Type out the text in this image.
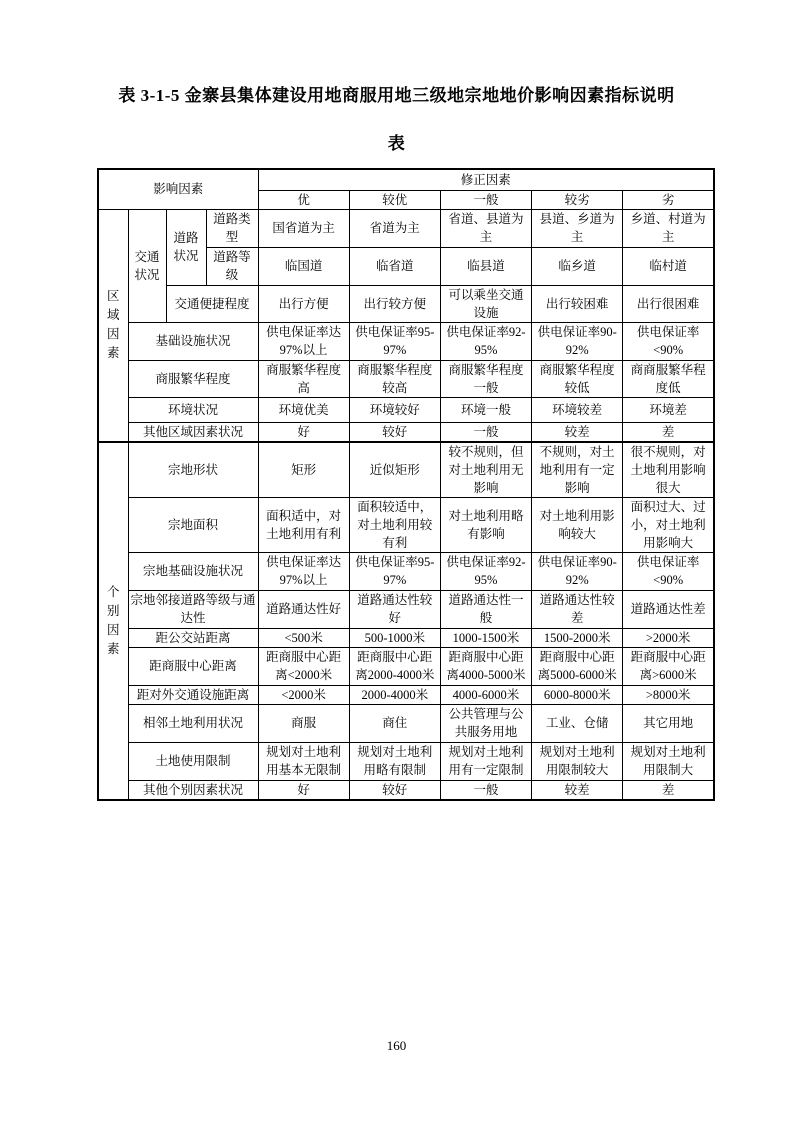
表 3-1-5 金寨县集体建设用地商服用地三级地宗地地价影响因素指标说明
表
影响因素				修正因素				
				优	较优	一般	较劣	劣

区域因素	交通状况	道路状况	道路类型	国省道为主	省道为主	省道、县道为主	县道、乡道为主	乡道、村道为主
			道路等级	临国道	临省道	临县道	临乡道	临村道
		交通便捷程度		出行方便	出行较方便	可以乘坐交通设施	出行较困难	出行很困难
	基础设施状况			供电保证率达97%以上	供电保证率95-97%	供电保证率92-95%	供电保证率90-92%	供电保证率<90%
	商服繁华程度			商服繁华程度高	商服繁华程度较高	商服繁华程度一般	商服繁华程度较低	商商服繁华程度低
	环境状况			环境优美	环境较好	环境一般	环境较差	环境差
	其他区域因素状况			好	较好	一般	较差	差

个别因素	宗地形状			矩形	近似矩形	较不规则，但对土地利用无影响	不规则，对土地利用有一定影响	很不规则，对土地利用影响很大
	宗地面积			面积适中，对土地利用有利	面积较适中，对土地利用较有利	对土地利用略有影响	对土地利用影响较大	面积过大、过小，对土地利用影响大
	宗地基础设施状况			供电保证率达97%以上	供电保证率95-97%	供电保证率92-95%	供电保证率90-92%	供电保证率<90%
	宗地邻接道路等级与通达性			道路通达性好	道路通达性较好	道路通达性一般	道路通达性较差	道路通达性差
	距公交站距离			<500米	500-1000米	1000-1500米	1500-2000米	>2000米
	距商服中心距离			距商服中心距离<2000米	距商服中心距离2000-4000米	距商服中心距离4000-5000米	距商服中心距离5000-6000米	距商服中心距离>6000米
	距对外交通设施距离			<2000米	2000-4000米	4000-6000米	6000-8000米	>8000米
	相邻土地利用状况			商服	商住	公共管理与公共服务用地	工业、仓储	其它用地
	土地使用限制			规划对土地利用基本无限制	规划对土地利用略有限制	规划对土地利用有一定限制	规划对土地利用限制较大	规划对土地利用限制大
	其他个别因素状况			好	较好	一般	较差	差
160
